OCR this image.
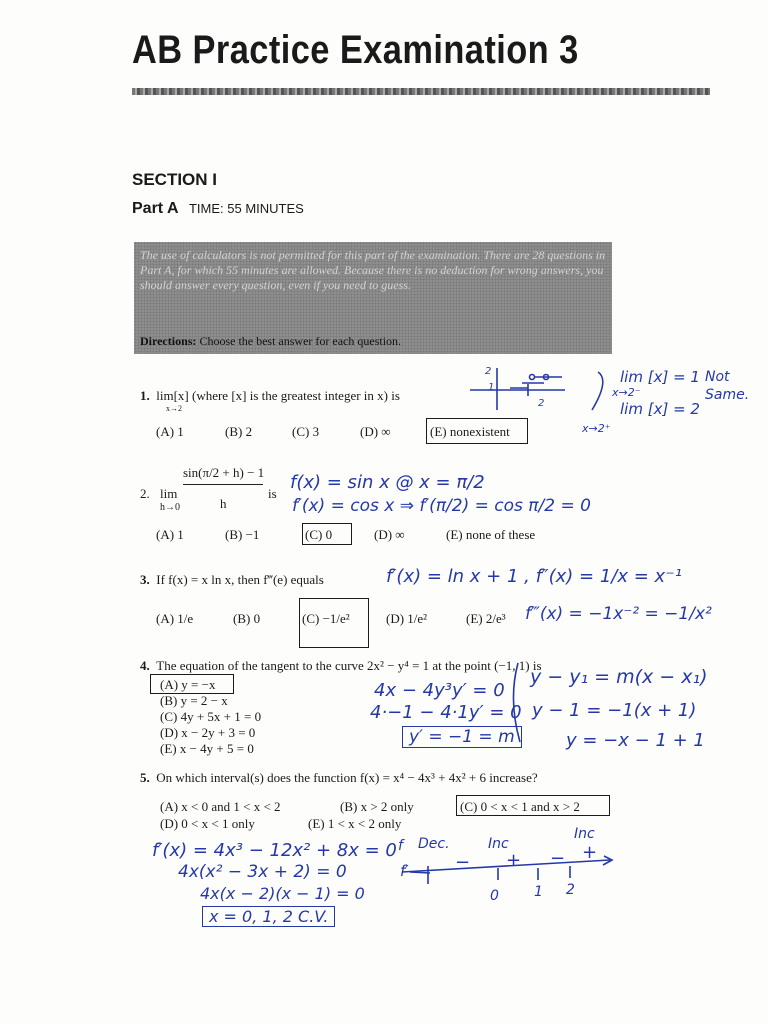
AB Practice Examination 3
SECTION I
Part A TIME: 55 MINUTES
The use of calculators is not permitted for this part of the examination. There are 28 questions in Part A, for which 55 minutes are allowed. Because there is no deduction for wrong answers, you should answer every question, even if you need to guess.
Directions: Choose the best answer for each question.
1. lim[x] (where [x] is the greatest integer in x) is
x→2
(A) 1	(B) 2	(C) 3	(D) ∞	(E) nonexistent
2. lim
h→0
sin(π/2 + h) − 1
h
is
(A) 1	(B) −1	(C) 0	(D) ∞	(E) none of these
3. If f(x) = x ln x, then f‴(e) equals
(A) 1/e	(B) 0	(C) −1/e²	(D) 1/e²	(E) 2/e³
4. The equation of the tangent to the curve 2x² − y⁴ = 1 at the point (−1, 1) is
(A) y = −x
(B) y = 2 − x
(C) 4y + 5x + 1 = 0
(D) x − 2y + 3 = 0
(E) x − 4y + 5 = 0
5. On which interval(s) does the function f(x) = x⁴ − 4x³ + 4x² + 6 increase?
(A) x < 0 and 1 < x < 2	(B) x > 2 only	(C) 0 < x < 1 and x > 2
(D) 0 < x < 1 only	(E) 1 < x < 2 only
2
1
2
lim [x] = 1
x→2⁻
lim [x] = 2
x→2⁺
Not Same.
f(x) = sin x @ x = π/2
f′(x) = cos x ⇒ f′(π/2) = cos π/2 = 0
f′(x) = ln x + 1 , f″(x) = 1/x = x⁻¹
f‴(x) = −1x⁻² = −1/x²
4x − 4y³y′ = 0
4·−1 − 4·1y′ = 0
y′ = −1 = m
y − y₁ = m(x − x₁)
y − 1 = −1(x + 1)
y = −x − 1 + 1
f′(x) = 4x³ − 12x² + 8x = 0
4x(x² − 3x + 2) = 0
4x(x − 2)(x − 1) = 0
x = 0, 1, 2 C.V.
f
f′
Dec.	Inc
Inc
− + − +
0	1 2
